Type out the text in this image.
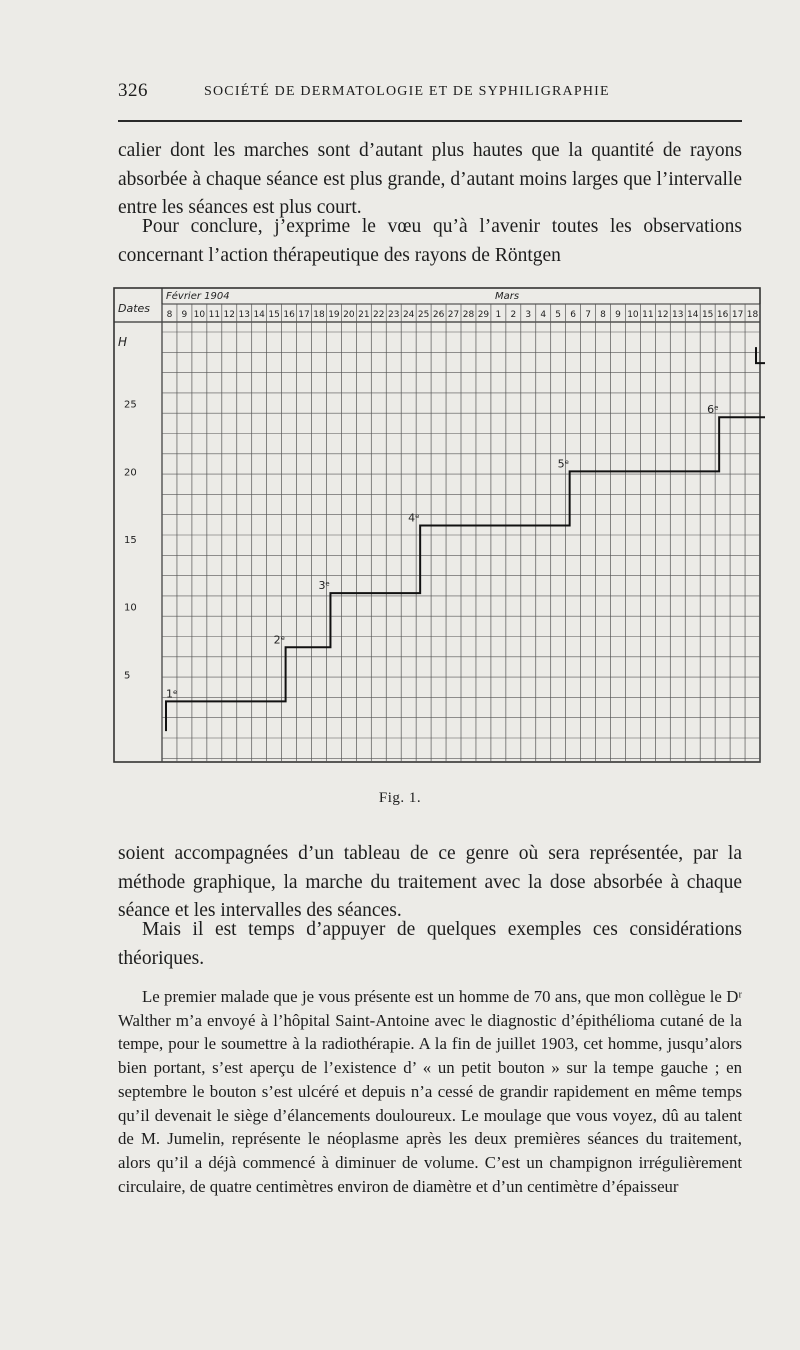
326	SOCIÉTÉ DE DERMATOLOGIE ET DE SYPHILIGRAPHIE

calier dont les marches sont d’autant plus hautes que la quantité de rayons absorbée à chaque séance est plus grande, d’autant moins larges que l’intervalle entre les séances est plus court.

Pour conclure, j’exprime le vœu qu’à l’avenir toutes les observations concernant l’action thérapeutique des rayons de Röntgen

Dates
Février 1904	Mars
H
8 9 10 11 12 13 14 15 16 17 18 19 20 21 22 23 24 25 26 27 28 29 1 2 3 4 5 6 7 8 9 10 11 12 13 14 15 16 17 18
5
10
15
20
25
1ᵉ
2ᵉ
3ᵉ
4ᵉ
5ᵉ
6ᵉ
Fig. 1.

soient accompagnées d’un tableau de ce genre où sera représentée, par la méthode graphique, la marche du traitement avec la dose absorbée à chaque séance et les intervalles des séances.

Mais il est temps d’appuyer de quelques exemples ces considérations théoriques.

Le premier malade que je vous présente est un homme de 70 ans, que mon collègue le Dʳ Walther m’a envoyé à l’hôpital Saint-Antoine avec le diagnostic d’épithélioma cutané de la tempe, pour le soumettre à la radiothérapie. A la fin de juillet 1903, cet homme, jusqu’alors bien portant, s’est aperçu de l’existence d’ « un petit bouton » sur la tempe gauche ; en septembre le bouton s’est ulcéré et depuis n’a cessé de grandir rapidement en même temps qu’il devenait le siège d’élancements douloureux. Le moulage que vous voyez, dû au talent de M. Jumelin, représente le néoplasme après les deux premières séances du traitement, alors qu’il a déjà commencé à diminuer de volume. C’est un champignon irrégulièrement circulaire, de quatre centimètres environ de diamètre et d’un centimètre d’épaisseur
